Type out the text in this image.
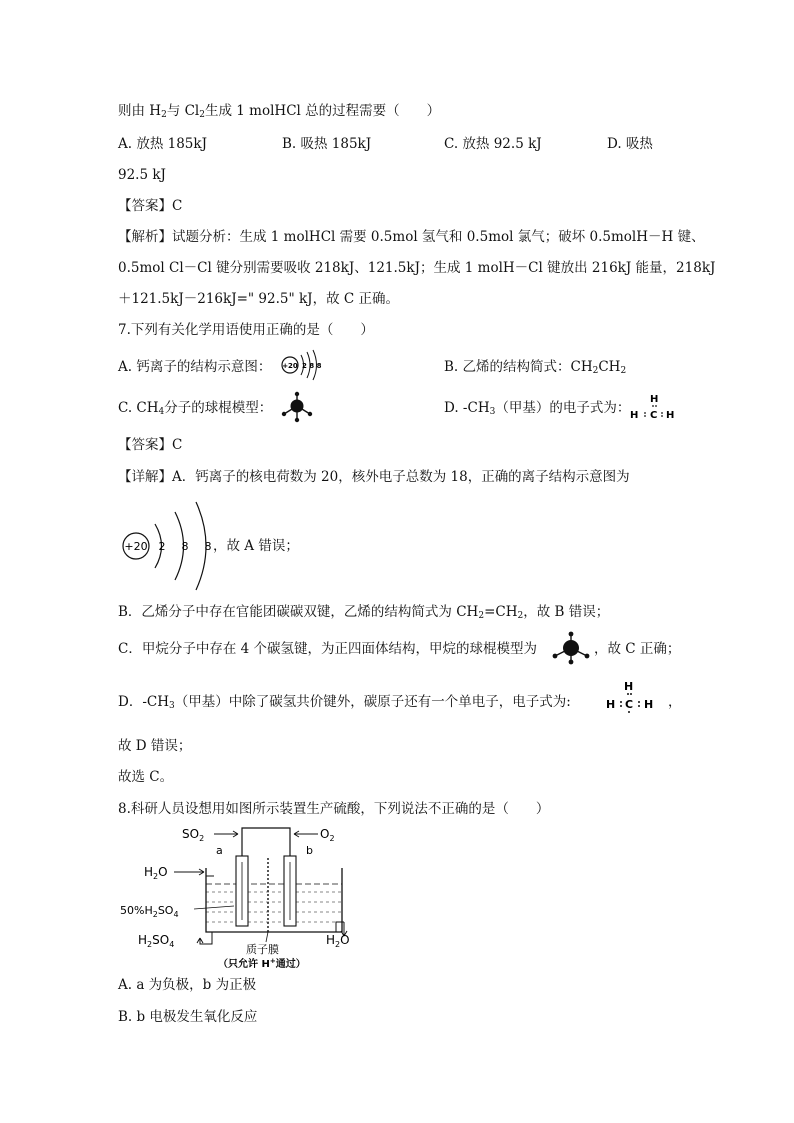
则由 $H_2$与 $Cl_2$生成 1 molHCl 总的过程需要（　　）
A. 放热 185kJ	B. 吸热 185kJ	C. 放热 92.5 kJ	D. 吸热
92.5 kJ
【答案】C
【解析】试题分析：生成 1 molHCl 需要 0.5mol 氢气和 0.5mol 氯气；破坏 0.5molH－H 键、
0.5mol Cl－Cl 键分别需要吸收 218kJ、121.5kJ；生成 1 molH－Cl 键放出 216kJ 能量，218kJ
＋121.5kJ－216kJ=" 92.5" kJ，故 C 正确。
7.下列有关化学用语使用正确的是（　　）
A. 钙离子的结构示意图： +20 2 8 8	B. 乙烯的结构简式：$CH_2CH_2$
C. $CH_4$分子的球棍模型：	D. $-CH_3$（甲基）的电子式为：
H
H C H
【答案】C
【详解】A．钙离子的核电荷数为 20，核外电子总数为 18，正确的离子结构示意图为
+20 2 8 8 ，故 A 错误；
B．乙烯分子中存在官能团碳碳双键，乙烯的结构简式为 $CH_2=CH_2$，故 B 错误；
C．甲烷分子中存在 4 个碳氢键，为正四面体结构，甲烷的球棍模型为	，故 C 正确；
D．$-CH_3$（甲基）中除了碳氢共价键外，碳原子还有一个单电子，电子式为:
H
H C H ，
故 D 错误；
故选 C。
8.科研人员设想用如图所示装置生产硫酸，下列说法不正确的是（　　）
$SO_2$	$O_2$
a	b
$H_2O$
$50\%H_2SO_4$
$H_2SO_4$	$H_2O$
质子膜
（只允许 H+通过）
A. a 为负极，b 为正极
B. b 电极发生氧化反应
